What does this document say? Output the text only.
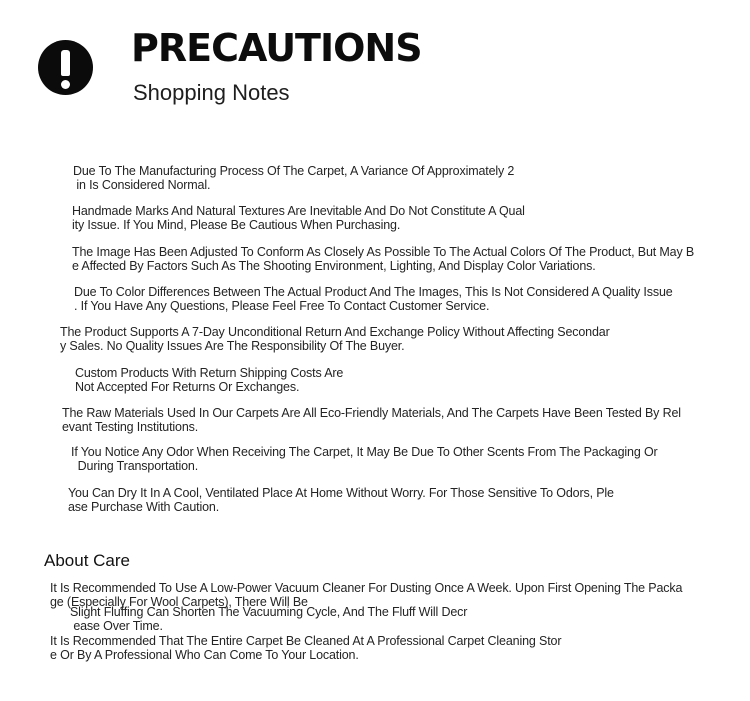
PRECAUTIONS
Shopping Notes

Due To The Manufacturing Process Of The Carpet, A Variance Of Approximately 2
in Is Considered Normal.

Handmade Marks And Natural Textures Are Inevitable And Do Not Constitute A Qual
ity Issue. If You Mind, Please Be Cautious When Purchasing.

The Image Has Been Adjusted To Conform As Closely As Possible To The Actual Colors Of The Product, But May B
e Affected By Factors Such As The Shooting Environment, Lighting, And Display Color Variations.

Due To Color Differences Between The Actual Product And The Images, This Is Not Considered A Quality Issue
. If You Have Any Questions, Please Feel Free To Contact Customer Service.

The Product Supports A 7-Day Unconditional Return And Exchange Policy Without Affecting Secondar
y Sales. No Quality Issues Are The Responsibility Of The Buyer.

Custom Products With Return Shipping Costs Are
Not Accepted For Returns Or Exchanges.

The Raw Materials Used In Our Carpets Are All Eco-Friendly Materials, And The Carpets Have Been Tested By Rel
evant Testing Institutions.

If You Notice Any Odor When Receiving The Carpet, It May Be Due To Other Scents From The Packaging Or
During Transportation.

You Can Dry It In A Cool, Ventilated Place At Home Without Worry. For Those Sensitive To Odors, Ple
ase Purchase With Caution.

About Care

It Is Recommended To Use A Low-Power Vacuum Cleaner For Dusting Once A Week. Upon First Opening The Packa
ge (Especially For Wool Carpets), There Will Be

Slight Fluffing Can Shorten The Vacuuming Cycle, And The Fluff Will Decr
ease Over Time.

It Is Recommended That The Entire Carpet Be Cleaned At A Professional Carpet Cleaning Stor
e Or By A Professional Who Can Come To Your Location.
